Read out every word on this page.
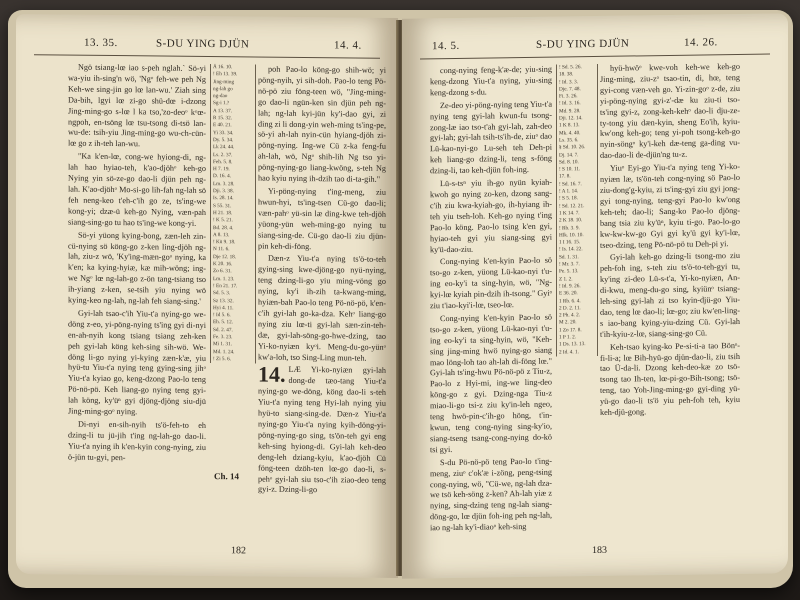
13. 35.	S-DU YING DJÜN	14. 4.

Ngö tsiang-lœ iao s-peh nglah.` Sö-yi wa-yiu ih-sing'n wö, 'Ngᵒ feh-we peh Ng Keh-we sing-jin go lœ lan-wu.' Ziah sing Da-bih, lgyi lœ zi-go shü-dœ i-dzong Jing-ming-go s-lœ l ka tso,'zo-deoᵒ kᵒœ-ngpoh, en-tsöng lœ tsu-tsong di-tsö lan-wu-de: tsih-yiu Jing-ming-go wu-ch-cün-lœ go z ih-teh lan-wu.

"Ka k'en-lœ, cong-we hyiong-di, ng-lah hao hyiao-teh, k'ao-djöhᵒ keh-go Nying yin sö-ze-go dao-li djün peh ng-lah. K'ao-djöhᵒ Mo-si-go lih-fah ng-lah sö feh neng-keo t'eh-c'ih go ze, ts'ing-we kong-yi; dzæ-ü keh-go Nying, væn-pah siang-sing-go tu hao ts'ing-we kong-yi.

Sö-yi yüong kying-bong, zæn-leh zin-cü-nying sö köng-go z-ken ling-djöh ng-lah, ziu-z wö, 'Ky'ing-mæn-goᵒ nying, ka k'en; ka kying-hyiæ, kæ mih-wöng; ing-we Ngᵒ lœ ng-lah-go z-ön tang-tsiang tso ih-yiang z-ken, se-tsih yiu nying wö kying-keo ng-lah, ng-lah feh siang-sing.'

Gyi-lah tsao-c'ih Yiu-t'a nying-go we-döng z-eo, yi-pöng-nying ts'ing gyi di-nyi en-ah-nyih kong tsiang tsiang zeh-ken peh gyi-lah köng keh-sing sih-wö. We-döng li-go nying yi-kying zæn-k'æ, yiu hyü-tu Yiu-t'a nying teng gying-sing jihᵒ Yiu-t'a kyiao go, keng-dzong Pao-lo teng Pö-nö-pö. Keh liang-go nying teng gyi-lah köng, ky'üⁿ gyi djöng-djöng siu-djü Jing-ming-goᵒ nying.

Di-nyi en-sih-nyih ts'ö-feh-to eh dzing-li tu jü-jih t'ing ng-lah-go dao-li. Yiu-t'a nying ih k'en-kyin cong-nying, ziu ö-jün tu-gyi, pen-

Ä 16. 10.
! Eh 13. 39.
Jing-ming
ng-lah go
ng-dao
Sg-i 1.?
A 13. 37.
R 15. 32.
E 40. 21.
Yi 33. 34.
Dy. 5. 34.
Lk 24. 44.
Ls. 2. 37.
Feh. 5. 8.
H 7. 19.
D. 16. 4.
Lm. 3. 28.
Dji. 3. 38.
Is. 28. 14.
S 55. 31.
H 21. 18.
! K 5. 21.
Bd. 28. 4.
A 8. 13.
! Kü 9. 18.
N 11. 6.
Dje 12. 18.
K 20. 16.
Zo 6. 31.
Lm. 1. 23.
! En 21. 17.
Sd. 5. 3.
Sz 13. 32.
Hyi 4. 11.
! Id 5. 6.
Eh. 5. 12.
Sd. 2. 47.
Fe. 3. 23.
Mi 1. 31.
Md. 1. 24.
! Zi 5. 6.
Ch. 14

poh Pao-lo köng-go shih-wö; yi pöng-nyih, yi sih-doh. Pao-lo teng Pö-nö-pö ziu föng-teen wö, "Jing-ming-go dao-li ngün-ken sin djün peh ng-lah; ng-lah kyi-jün ky'i-dao gyi, zi ding zi li dong-yin weh-ming ts'ing-pe, sö-yi ah-lah nyin-cün hyiang-djöh zi-pöng-nying. Ing-we Cü z-ka feng-fu ah-lah, wö, Ngᵒ shih-lih Ng tso yi-pöng-nying-go liang-kwöng, s-teh Ng hao kyiu nying ih-dzih tao di-ta-gih."

Yi-pöng-nying t'ing-meng, ziu hwun-hyi, ts'ing-tsen Cü-go dao-li; væn-pahᵒ yü-sin læ ding-kwe teh-djöh yüong-yün weh-ming-go nying tu siang-sing-de. Cü-go dao-li ziu djün-pin keh-di-föng.

Dæn-z Yiu-t'a nying ts'ö-to-teh gying-sing kwe-djöng-go nyü-nying, teng dzing-li-go yiu ming-vöng go nying, ky'i ih-zih ta-kwang-ming, hyiæn-bah Pao-lo teng Pö-nö-pö, k'en-c'ih gyi-lah go-ka-dza. Kehᵒ liang-go nying ziu lœ-ti gyi-lah sæn-zin-teh-dæ, gyi-lah-söng-go-hwe-dzing, tao Yi-ko-nyiæn kyᵒi. Meng-du-go-yünᵒ kw'a-loh, tso Sing-Ling mun-teh.

14. LÆ Yi-ko-nyiæn gyi-lah dong-de tæo-tang Yiu-t'a nying-go we-döng, köng dao-li s-teh Yiu-t'a nying teng Hyi-lah nying yiu hyü-to siang-sing-de. Dæn-z Yiu-t'a nying-go Yiu-t'a nying kyih-döng-yi-pöng-nying-go sing, ts'ön-teh gyi eng keh-sing hyiong-di. Gyi-lah keh-deo deng-leh dziang-kyiu, k'ao-djöh Cü föng-teen dzöh-ten lœ-go dao-li, s-pehᵒ gyi-lah siu tso-c'ih ziao-deo teng gyi-z. Dzing-li-go

182
14. 5.	S-DU YING DJÜN	14. 26.

cong-nying feng-k'æ-de; yiu-sing keng-dzong Yiu-t'a nying, yiu-sing keng-dzong s-du.

Ze-deo yi-pöng-nying teng Yiu-t'a nying teng gyi-lah kwun-fu tsong-zong-læ iao tso-t'ah gyi-lah, zah-deo gyi-lah; gyi-lah tsih-ts'ih-de, ziuᵒ dao Lü-kao-nyi-go Lu-seh teh Deh-pi keh liang-go dzing-li, teng s-föng dzing-li, tao keh-djün foh-ing.

Lü-s-tsⁿ yiu ih-go nyün kyiah-kwoh go nying zo-ken, dzong sang-c'ih ziu kwa-kyiah-go, ih-hyiang ih-teh yiu tseh-loh. Keh-go nying t'ing Pao-lo köng. Pao-lo tsing k'en gyi, hyiao-teh gyi yiu siang-sing gyi ky'ü-dao-ziu.

Cong-nying k'en-kyin Pao-lo sö tso-go z-ken, yüong Lü-kao-nyi t'u-ing eo-ky'i ta sing-hyin, wö, "Ng-kyi-lœ kyiah pin-dzih ih-tsong." Gyiᵒ ziu t'iao-kyi'i-lœ, tseo-lœ.

Cong-nying k'en-kyin Pao-lo sö tso-go z-ken, yüong Lü-kao-nyi t'u-ing eo-ky'i ta sing-hyin, wö, "Keh-sing jing-ming hwö nying-go siang mao löng-loh tao ah-lah di-föng lœ." Gyi-lah ts'ing-hwu Pö-nö-pö z Tiu-z, Pao-lo z Hyi-mi, ing-we ling-deo köng-go z gyi. Dzing-nga Tiu-z miao-li-go tsi-z ziu ky'in-leh ngeo, teng hwö-pin-c'ih-go höng, t'in-kwun, teng cong-nying sing-ky'io, siang-tseng tsang-cong-nying do-kö tsi gyi.

S-du Pö-nö-pö teng Pao-lo t'ing-meng, ziuᵒ c'ok'æ i-zöng, peng-tsing cong-nying, wö, "Cü-we, ng-lah dza-we tsö keh-söng z-ken? Ah-lah yiæ z nying, sing-dzing teng ng-lah siang-döng-go, lœ djün foh-ing peh ng-lah, iao ng-lah ky'i-diaoᵒ keh-sing

! Sd. 5. 26.
18. 38.
! Id. 3. 3.
Dje. 7. 48.
Fi. 3. 26.
! Id. 3. 16.
Md. 9. 28.
Dji. 12. 14.
1 K 8. 13.
Mk. 4. 40.
Ls. 35. 6.
§ Sd. 10. 26.
Dj. 14. 7.
Sd. 8. 10.
! S 10. 11.
17. 8.
! Sd. 16. 7.
! A 1. 14.
! S 5. 18.
! Sd. 12. 21.
1 K 14. 7.
2 K 18. 10.
! Rb. 3. 9.
Hlk. 10. 10.
1 I 16. 15.
! Is. 14. 22.
Sd. 1. 31.
! Mr. 3. 7.
Pe. 5. 13.
Z 1. 2.
! Id. 9. 26.
E 36. 20.
1 Rb. 6. 4.
2 D. 2. 11.
2 Ph. 4. 2.
M 2. 20.
1 Zo 17. 8.
1 P 1. 2.
1 Ds. 13. 13.
2 Id. 4. 1.

hyü-hwöᵒ kwe-voh keh-we keh-go Jing-ming, ziu-zᵒ tsao-tin, di, hœ, teng gyi-cong væn-veh go. Yi-zin-goᵒ z-de, ziu yi-pöng-nying gyi-z'-dæ ku ziu-ti tso-ts'ing gyi-z, zong-keh-kehᵒ dao-li dju-ze-ty-tong yiu dæn-kyin, sheng Eo'ih, kyiu-kw'ong keh-go; teng yi-poh tsong-keh-go nyin-söngᵒ ky'i-keh dæ-teng ga-ding vu-dao-dao-li de-djün'ng tu-z.

Yiuᵒ Eyi-go Yiu-t'a nying teng Yi-ko-nyiæn læ, ts'ön-teh cong-nying sö Pao-lo ziu-dong'g-kyiu, zi ts'ing-gyi ziu gyi jong-gyi tong-nying, teng-gyi Pao-lo kw'ong keh-teh; dao-li; Sang-ko Pao-lo djöng-bang tsia ziu ky'üⁿ, kyiu ti-go. Pao-lo-go kw-kw-kw-go Gyi gyi ky'ü gyi ky'i-lœ, tseo-dzing, teng Pö-nö-pö tu Deh-pi yi.

Gyi-lah keh-go dzing-li tsong-mo ziu peh-foh ing, s-teh ziu ts'ö-to-teh-gyi tu, ky'ing zi-deo Lü-s-t'a, Yi-ko-nyiæn, An-di-kwu, meng-du-go sing, kyiünᵒ tsiang-leh-sing gyi-lah zi tso kyin-djü-go Yiu-dao, teng lœ dao-li; lœ-go; ziu kw'en-ling-s iao-bang kying-yiu-dzing Cü. Gyi-lah t'ih-kyiu-z-lœ, siang-sing-go Cü.

Keh-tsao kying-ko Pe-si-ti-a tao Bönᵒ-fi-li-a; lœ Bih-hyü-go djün-dao-li, ziu tsih tao Ü-da-li. Dzong keh-deo-kæ zo tsö-tsong tao Ih-ten, lœ-pi-go-Bih-tsong; tsö-teng, tao Yoh-Jing-ming-go gyi-ding yü-yü-go dao-li ts'ö yiu peh-foh teh, kyiu keh-djü-gong.

183
